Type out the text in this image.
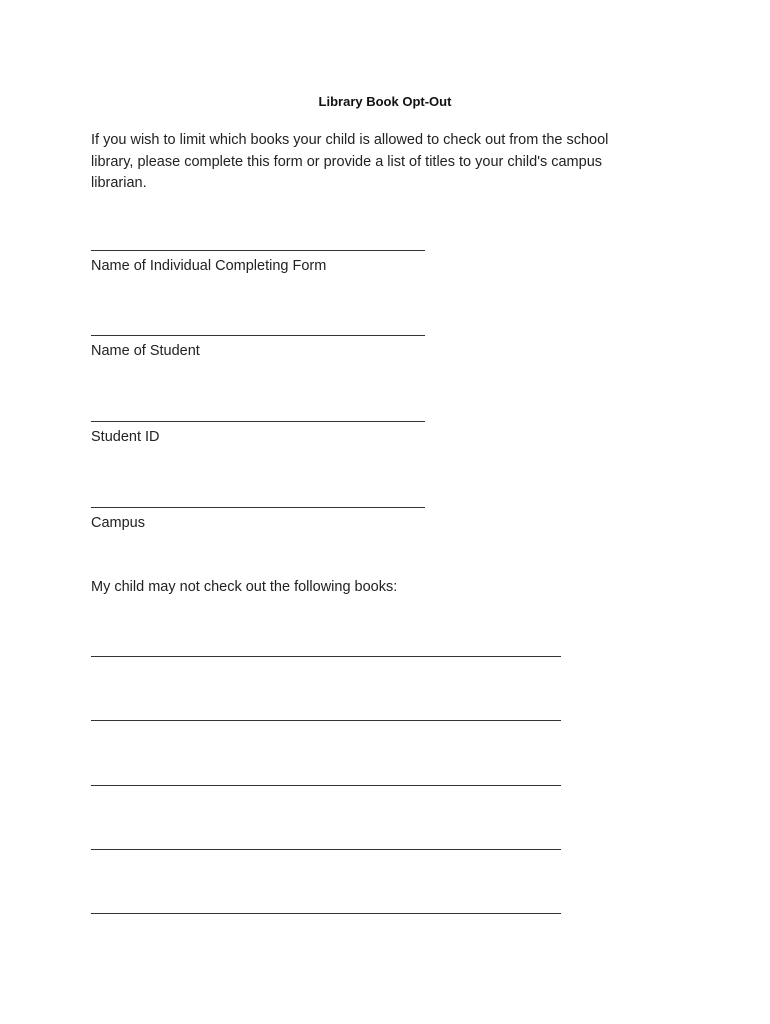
Library Book Opt-Out
If you wish to limit which books your child is allowed to check out from the school library, please complete this form or provide a list of titles to your child's campus librarian.
Name of Individual Completing Form
Name of Student
Student ID
Campus
My child may not check out the following books:
